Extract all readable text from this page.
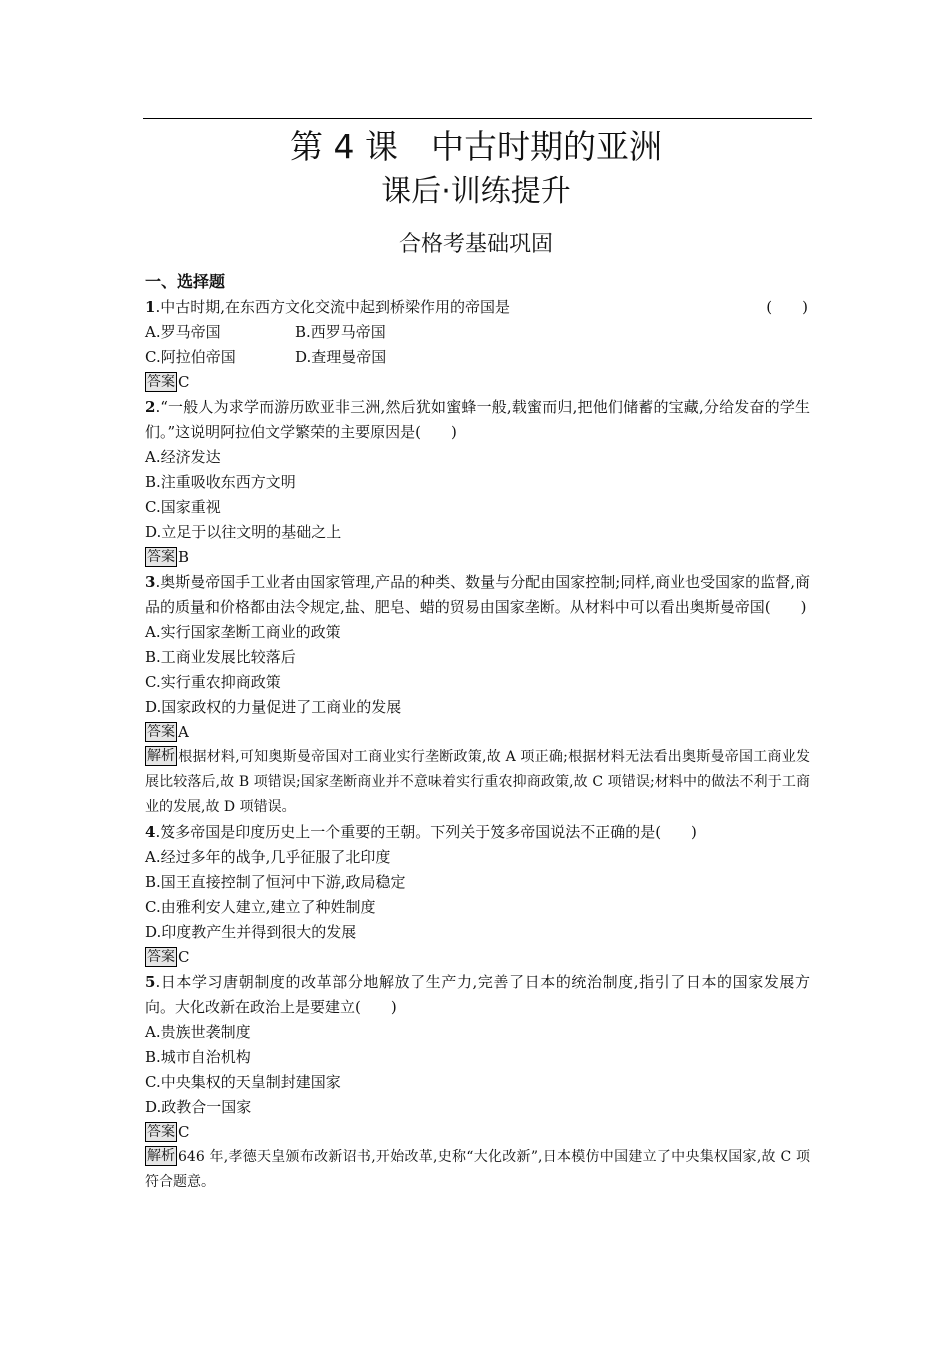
第 4 课　中古时期的亚洲
课后·训练提升
合格考基础巩固
一、选择题
1.中古时期,在东西方文化交流中起到桥梁作用的帝国是	(　　)
A.罗马帝国	B.西罗马帝国
C.阿拉伯帝国	D.查理曼帝国
答案 C
2.“一般人为求学而游历欧亚非三洲,然后犹如蜜蜂一般,载蜜而归,把他们储蓄的宝藏,分给发奋的学生们。”这说明阿拉伯文学繁荣的主要原因是(　　)
A.经济发达
B.注重吸收东西方文明
C.国家重视
D.立足于以往文明的基础之上
答案 B
3.奥斯曼帝国手工业者由国家管理,产品的种类、数量与分配由国家控制;同样,商业也受国家的监督,商品的质量和价格都由法令规定,盐、肥皂、蜡的贸易由国家垄断。从材料中可以看出奥斯曼帝国(　　)
A.实行国家垄断工商业的政策
B.工商业发展比较落后
C.实行重农抑商政策
D.国家政权的力量促进了工商业的发展
答案 A
解析 根据材料,可知奥斯曼帝国对工商业实行垄断政策,故 A 项正确;根据材料无法看出奥斯曼帝国工商业发展比较落后,故 B 项错误;国家垄断商业并不意味着实行重农抑商政策,故 C 项错误;材料中的做法不利于工商业的发展,故 D 项错误。
4.笈多帝国是印度历史上一个重要的王朝。下列关于笈多帝国说法不正确的是(　　)
A.经过多年的战争,几乎征服了北印度
B.国王直接控制了恒河中下游,政局稳定
C.由雅利安人建立,建立了种姓制度
D.印度教产生并得到很大的发展
答案 C
5.日本学习唐朝制度的改革部分地解放了生产力,完善了日本的统治制度,指引了日本的国家发展方向。大化改新在政治上是要建立(　　)
A.贵族世袭制度
B.城市自治机构
C.中央集权的天皇制封建国家
D.政教合一国家
答案 C
解析 646 年,孝德天皇颁布改新诏书,开始改革,史称“大化改新”,日本模仿中国建立了中央集权国家,故 C 项符合题意。
